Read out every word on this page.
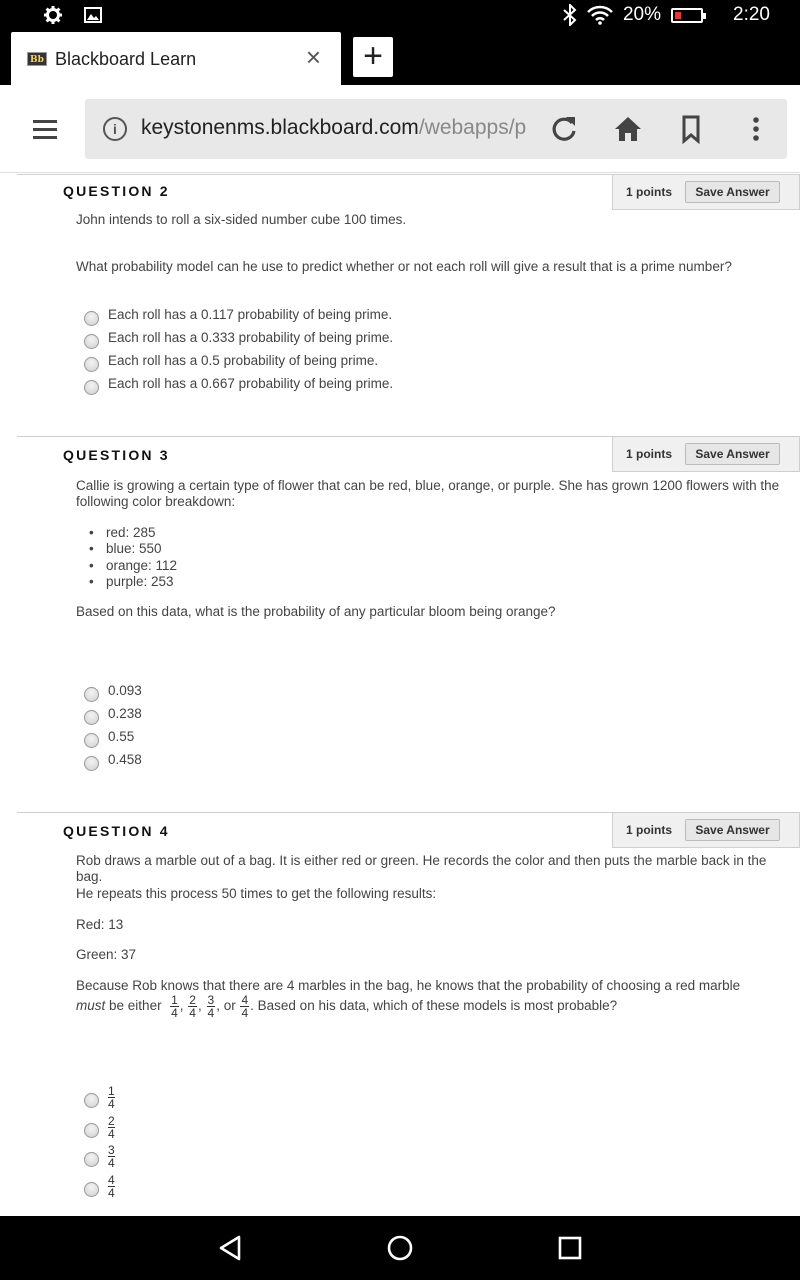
20%	2:20
Bb Blackboard Learn	× +
i	keystonenms.blackboard.com/webapps/p
QUESTION 2	1 points	Save Answer
John intends to roll a six-sided number cube 100 times.
What probability model can he use to predict whether or not each roll will give a result that is a prime number?
Each roll has a 0.117 probability of being prime.
Each roll has a 0.333 probability of being prime.
Each roll has a 0.5 probability of being prime.
Each roll has a 0.667 probability of being prime.
QUESTION 3	1 points	Save Answer
Callie is growing a certain type of flower that can be red, blue, orange, or purple. She has grown 1200 flowers with the following color breakdown:
• red: 285
• blue: 550
• orange: 112
• purple: 253
Based on this data, what is the probability of any particular bloom being orange?
0.093
0.238
0.55
0.458
QUESTION 4	1 points	Save Answer
Rob draws a marble out of a bag. It is either red or green. He records the color and then puts the marble back in the bag.
He repeats this process 50 times to get the following results:
Red: 13
Green: 37
Because Rob knows that there are 4 marbles in the bag, he knows that the probability of choosing a red marble
must be either $\frac{1}{4}$ , $\frac{2}{4}$ , $\frac{3}{4}$ , or $\frac{4}{4}$ . Based on his data, which of these models is most probable?
$\frac{1}{4}$
$\frac{2}{4}$
$\frac{3}{4}$
$\frac{4}{4}$
